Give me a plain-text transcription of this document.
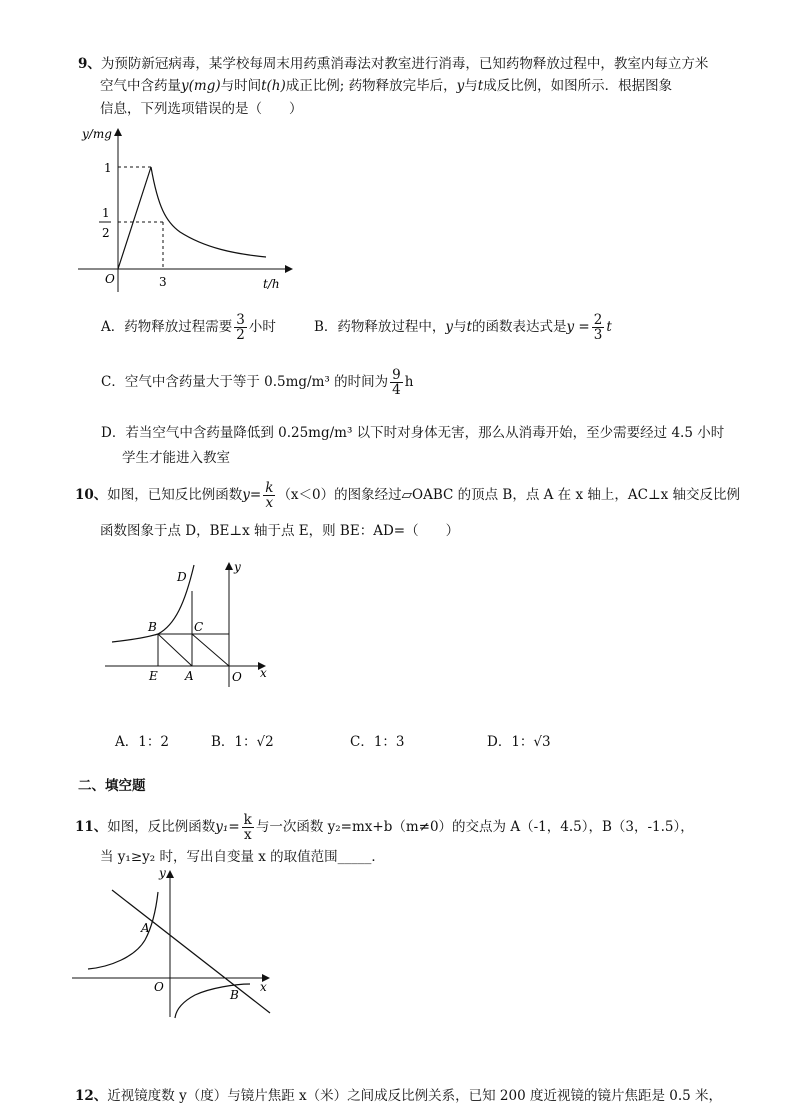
9、为预防新冠病毒，某学校每周末用药熏消毒法对教室进行消毒，已知药物释放过程中，教室内每立方米
空气中含药量y(mg)与时间t(h)成正比例; 药物释放完毕后，y与t成反比例，如图所示．根据图象
信息，下列选项错误的是（　　）
y/mg
t/h
O
1
1
2
3
A．药物释放过程需要 $\frac{3}{2}$ 小时	B．药物释放过程中，y与t的函数表达式是$y = \frac{2}{3}$ t
C．空气中含药量大于等于 0.5mg/m³ 的时间为 $\frac{9}{4}$ h
D．若当空气中含药量降低到 0.25mg/m³ 以下时对身体无害，那么从消毒开始，至少需要经过 4.5 小时
学生才能进入教室
10、如图，已知反比例函数$y= \frac{k}{x} (x<0)$的图象经过▱OABC 的顶点 B，点 A 在 x 轴上，AC⊥x 轴交反比例
函数图象于点 D，BE⊥x 轴于点 E，则 BE：AD=（　　）
D
B	C
E A	O x
y
A．1：2	B．1：√2	C．1：3	D．1：√3
二、填空题
11、如图，反比例函数$y_1= \frac{k}{x}$ 与一次函数 y₂=mx+b（m≠0）的交点为 A（-1，4.5），B（3，-1.5），
当 y₁≥y₂ 时，写出自变量 x 的取值范围_____．
A
B
O	x
y
12、近视镜度数 y（度）与镜片焦距 x（米）之间成反比例关系，已知 200 度近视镜的镜片焦距是 0.5 米，
